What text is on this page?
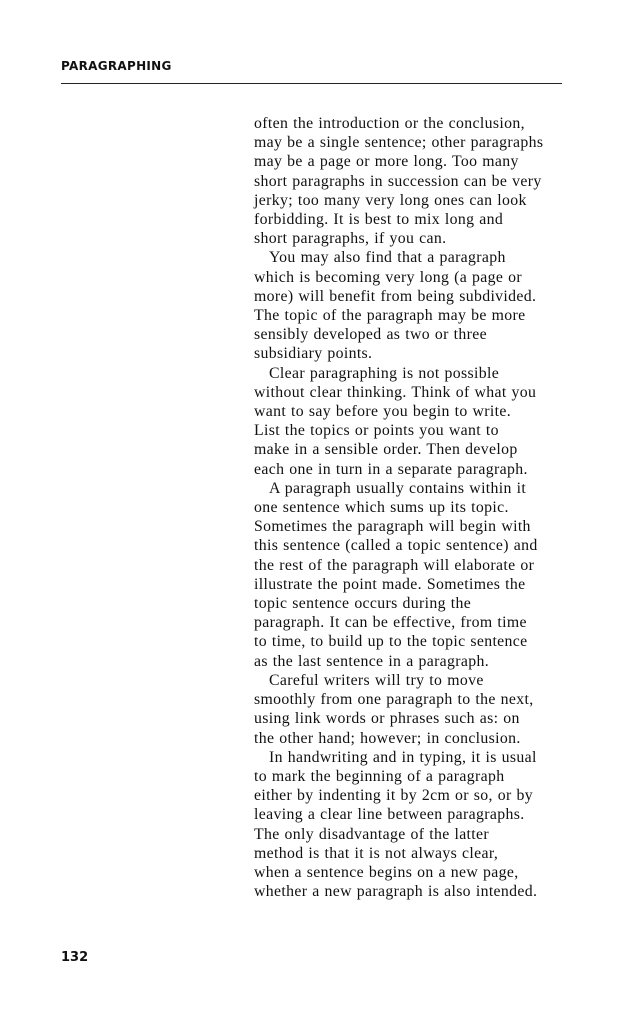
PARAGRAPHING
often the introduction or the conclusion,
may be a single sentence; other paragraphs
may be a page or more long. Too many
short paragraphs in succession can be very
jerky; too many very long ones can look
forbidding. It is best to mix long and
short paragraphs, if you can.
You may also find that a paragraph
which is becoming very long (a page or
more) will benefit from being subdivided.
The topic of the paragraph may be more
sensibly developed as two or three
subsidiary points.
Clear paragraphing is not possible
without clear thinking. Think of what you
want to say before you begin to write.
List the topics or points you want to
make in a sensible order. Then develop
each one in turn in a separate paragraph.
A paragraph usually contains within it
one sentence which sums up its topic.
Sometimes the paragraph will begin with
this sentence (called a topic sentence) and
the rest of the paragraph will elaborate or
illustrate the point made. Sometimes the
topic sentence occurs during the
paragraph. It can be effective, from time
to time, to build up to the topic sentence
as the last sentence in a paragraph.
Careful writers will try to move
smoothly from one paragraph to the next,
using link words or phrases such as: on
the other hand; however; in conclusion.
In handwriting and in typing, it is usual
to mark the beginning of a paragraph
either by indenting it by 2cm or so, or by
leaving a clear line between paragraphs.
The only disadvantage of the latter
method is that it is not always clear,
when a sentence begins on a new page,
whether a new paragraph is also intended.
132
